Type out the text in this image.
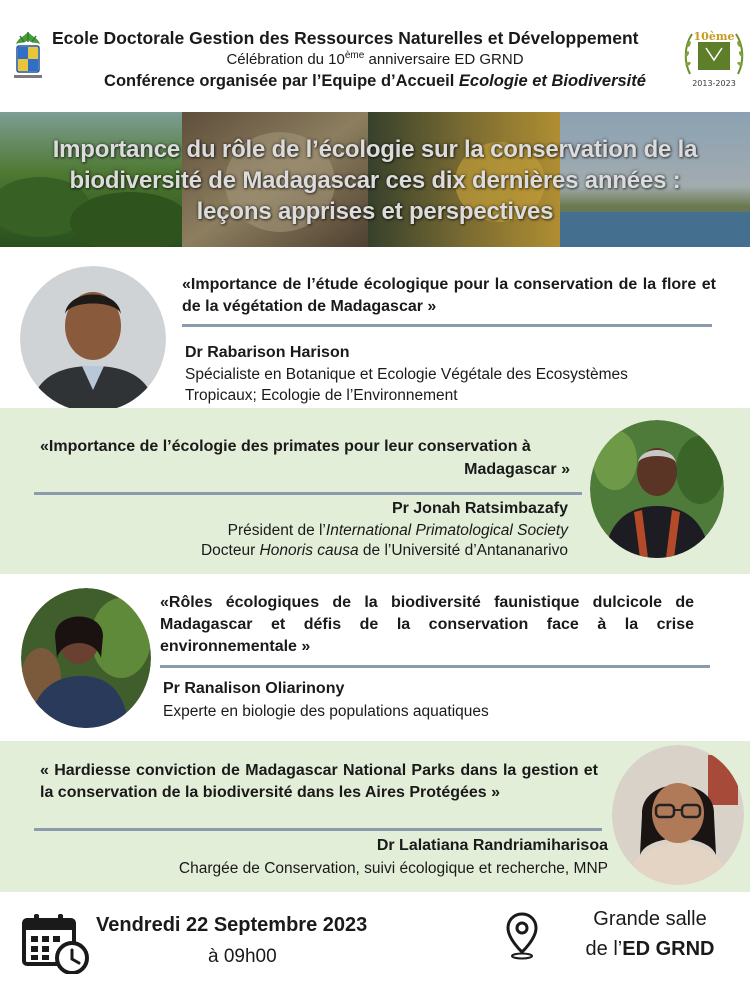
Ecole Doctorale Gestion des Ressources Naturelles et Développement
Célébration du 10ème anniversaire ED GRND
Conférence organisée par l’Equipe d’Accueil Ecologie et Biodiversité
10ème
2013-2023
Importance du rôle de l’écologie sur la conservation de la biodiversité de Madagascar ces dix dernières années : leçons apprises et perspectives
«Importance de l’étude écologique pour la conservation de la flore et de la végétation de Madagascar »
Dr Rabarison Harison
Spécialiste en Botanique et Ecologie Végétale des Ecosystèmes
Tropicaux; Ecologie de l’Environnement
«Importance de l’écologie des primates pour leur conservation à
Madagascar »
Pr Jonah Ratsimbazafy
Président de l’International Primatological Society
Docteur Honoris causa de l’Université d’Antananarivo
«Rôles écologiques de la biodiversité faunistique dulcicole de Madagascar et défis de la conservation face à la crise environnementale »
Pr Ranalison Oliarinony
Experte en biologie des populations aquatiques
« Hardiesse conviction de Madagascar National Parks dans la gestion et la conservation de la biodiversité dans les Aires Protégées »
Dr Lalatiana Randriamiharisoa
Chargée de Conservation, suivi écologique et recherche, MNP
Vendredi 22 Septembre 2023
à 09h00
Grande salle
de l’ED GRND
